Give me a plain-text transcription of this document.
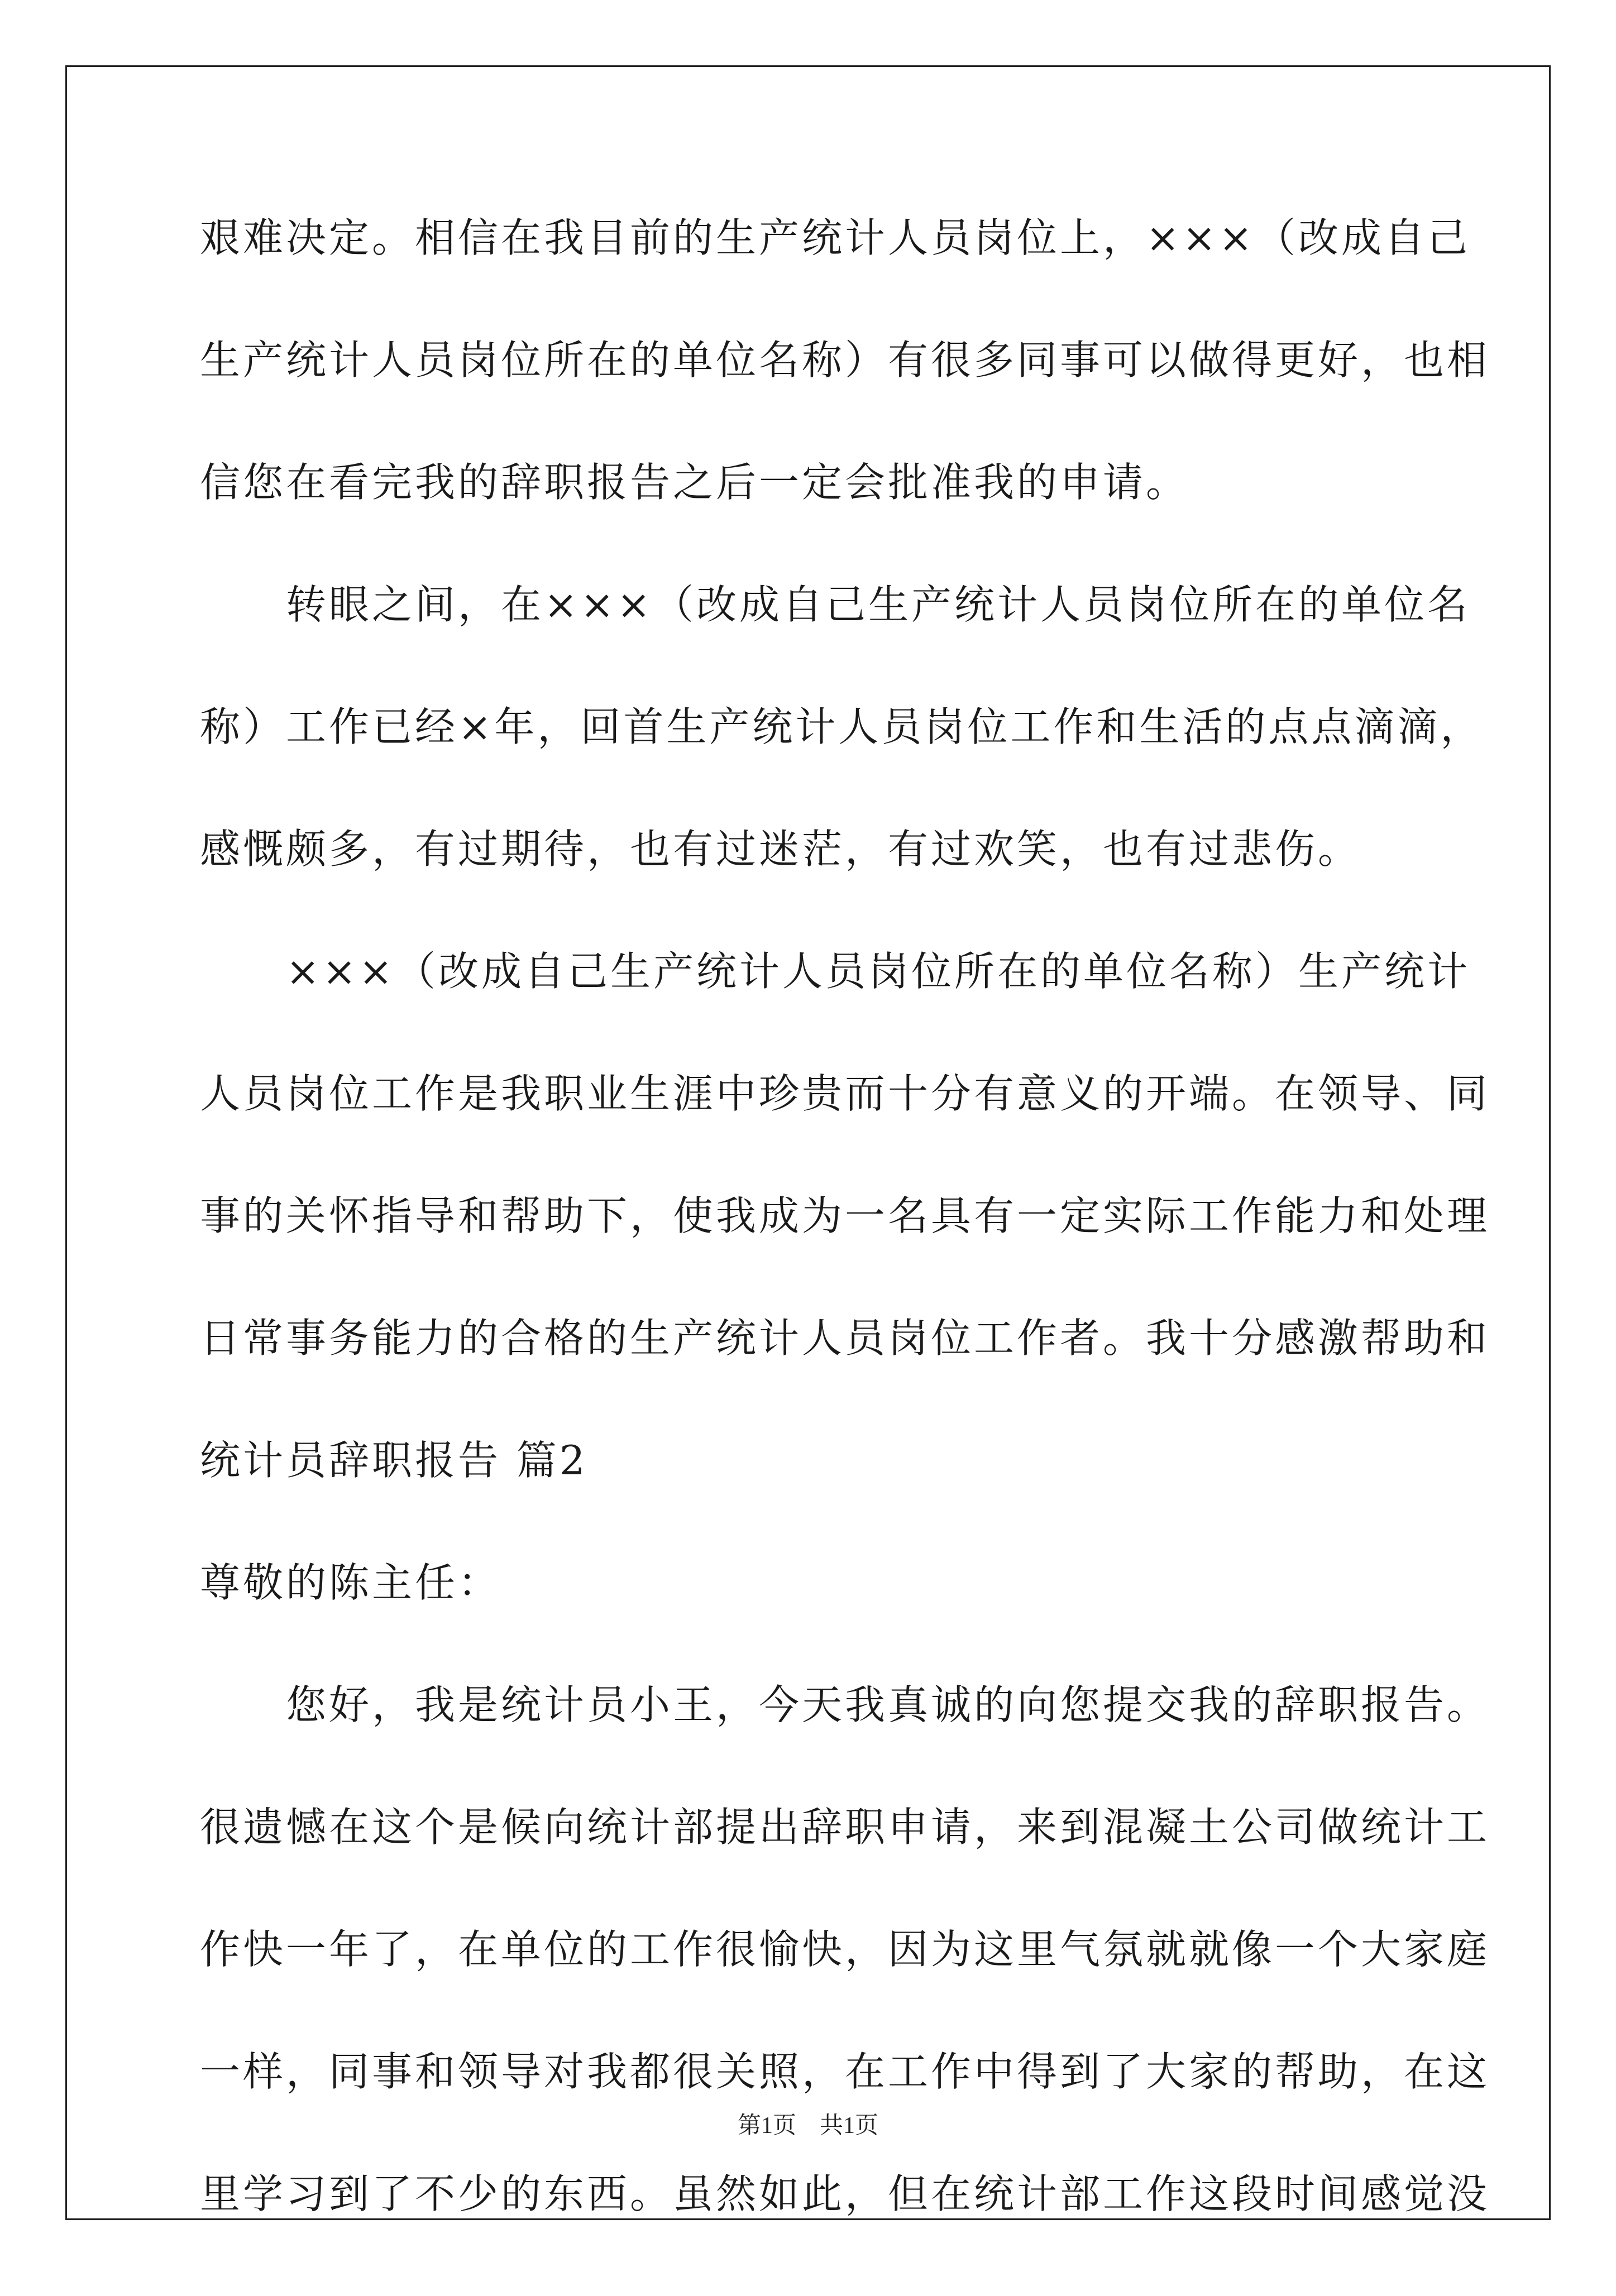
艰难决定。相信在我目前的生产统计人员岗位上，×××（改成自己
生产统计人员岗位所在的单位名称）有很多同事可以做得更好，也相
信您在看完我的辞职报告之后一定会批准我的申请。
　　转眼之间，在×××（改成自己生产统计人员岗位所在的单位名
称）工作已经×年，回首生产统计人员岗位工作和生活的点点滴滴，
感慨颇多，有过期待，也有过迷茫，有过欢笑，也有过悲伤。
　　×××（改成自己生产统计人员岗位所在的单位名称）生产统计
人员岗位工作是我职业生涯中珍贵而十分有意义的开端。在领导、同
事的关怀指导和帮助下，使我成为一名具有一定实际工作能力和处理
日常事务能力的合格的生产统计人员岗位工作者。我十分感激帮助和
统计员辞职报告 篇2
尊敬的陈主任：
　　您好，我是统计员小王，今天我真诚的向您提交我的辞职报告。
很遗憾在这个是候向统计部提出辞职申请，来到混凝土公司做统计工
作快一年了，在单位的工作很愉快，因为这里气氛就就像一个大家庭
一样，同事和领导对我都很关照，在工作中得到了大家的帮助，在这
里学习到了不少的东西。虽然如此，但在统计部工作这段时间感觉没
第1页　共1页
